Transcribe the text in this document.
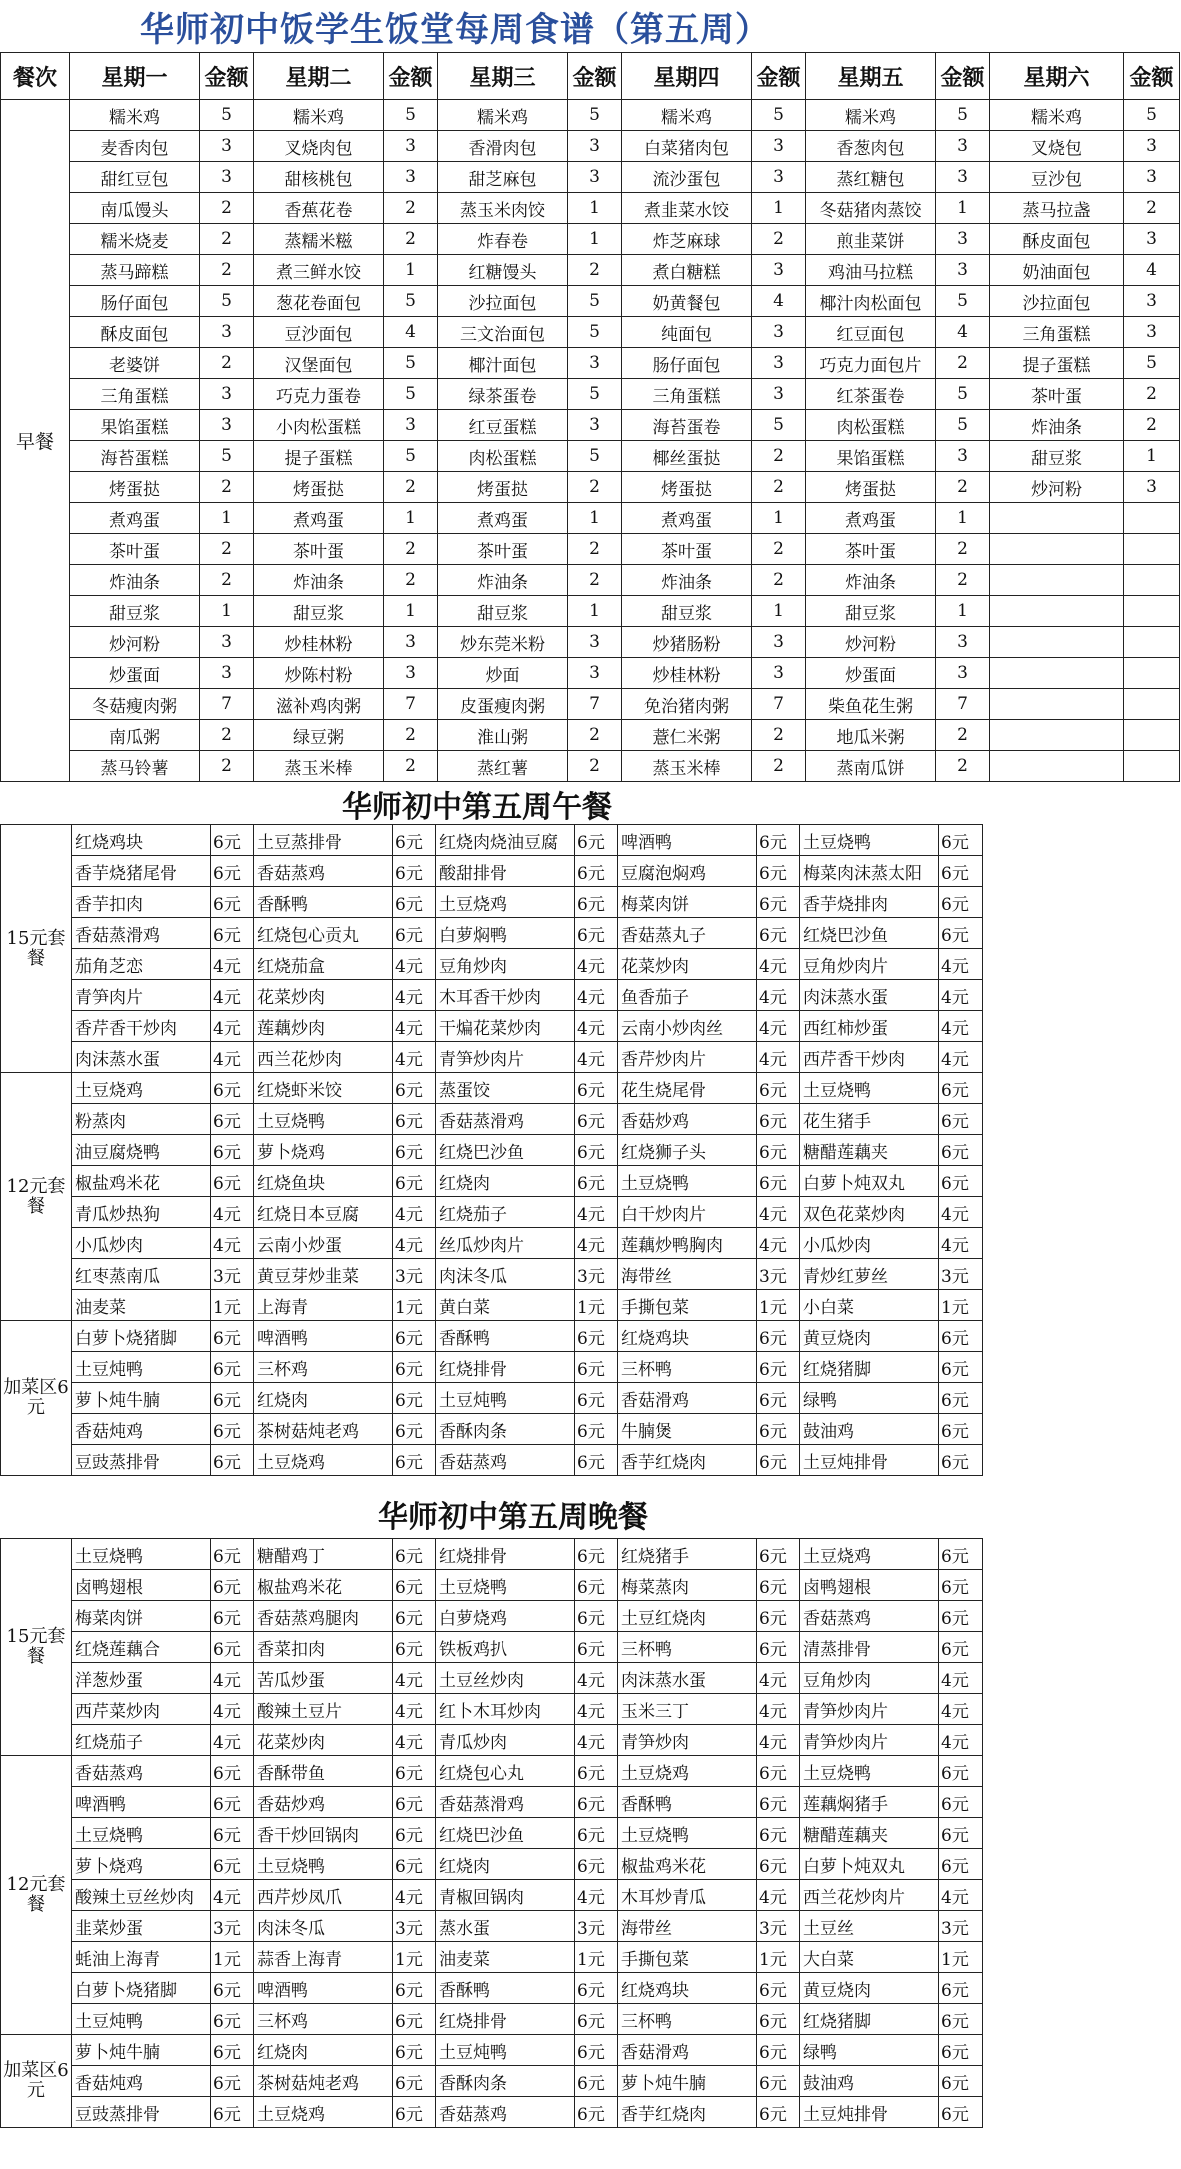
华师初中饭学生饭堂每周食谱（第五周）
餐次	星期一	金额	星期二	金额	星期三	金额	星期四	金额	星期五	金额	星期六	金额
早餐	糯米鸡	5	糯米鸡	5	糯米鸡	5	糯米鸡	5	糯米鸡	5	糯米鸡	5
	麦香肉包	3	叉烧肉包	3	香滑肉包	3	白菜猪肉包	3	香葱肉包	3	叉烧包	3
	甜红豆包	3	甜核桃包	3	甜芝麻包	3	流沙蛋包	3	蒸红糖包	3	豆沙包	3
	南瓜馒头	2	香蕉花卷	2	蒸玉米肉饺	1	煮韭菜水饺	1	冬菇猪肉蒸饺	1	蒸马拉盏	2
	糯米烧麦	2	蒸糯米糍	2	炸春卷	1	炸芝麻球	2	煎韭菜饼	3	酥皮面包	3
	蒸马蹄糕	2	煮三鲜水饺	1	红糖馒头	2	煮白糖糕	3	鸡油马拉糕	3	奶油面包	4
	肠仔面包	5	葱花卷面包	5	沙拉面包	5	奶黄餐包	4	椰汁肉松面包	5	沙拉面包	3
	酥皮面包	3	豆沙面包	4	三文治面包	5	纯面包	3	红豆面包	4	三角蛋糕	3
	老婆饼	2	汉堡面包	5	椰汁面包	3	肠仔面包	3	巧克力面包片	2	提子蛋糕	5
	三角蛋糕	3	巧克力蛋卷	5	绿茶蛋卷	5	三角蛋糕	3	红茶蛋卷	5	茶叶蛋	2
	果馅蛋糕	3	小肉松蛋糕	3	红豆蛋糕	3	海苔蛋卷	5	肉松蛋糕	5	炸油条	2
	海苔蛋糕	5	提子蛋糕	5	肉松蛋糕	5	椰丝蛋挞	2	果馅蛋糕	3	甜豆浆	1
	烤蛋挞	2	烤蛋挞	2	烤蛋挞	2	烤蛋挞	2	烤蛋挞	2	炒河粉	3
	煮鸡蛋	1	煮鸡蛋	1	煮鸡蛋	1	煮鸡蛋	1	煮鸡蛋	1		
	茶叶蛋	2	茶叶蛋	2	茶叶蛋	2	茶叶蛋	2	茶叶蛋	2		
	炸油条	2	炸油条	2	炸油条	2	炸油条	2	炸油条	2		
	甜豆浆	1	甜豆浆	1	甜豆浆	1	甜豆浆	1	甜豆浆	1		
	炒河粉	3	炒桂林粉	3	炒东莞米粉	3	炒猪肠粉	3	炒河粉	3		
	炒蛋面	3	炒陈村粉	3	炒面	3	炒桂林粉	3	炒蛋面	3		
	冬菇瘦肉粥	7	滋补鸡肉粥	7	皮蛋瘦肉粥	7	免治猪肉粥	7	柴鱼花生粥	7		
	南瓜粥	2	绿豆粥	2	淮山粥	2	薏仁米粥	2	地瓜米粥	2		
	蒸马铃薯	2	蒸玉米棒	2	蒸红薯	2	蒸玉米棒	2	蒸南瓜饼	2		
华师初中第五周午餐
15元套餐	红烧鸡块	6元	土豆蒸排骨	6元	红烧肉烧油豆腐	6元	啤酒鸭	6元	土豆烧鸭	6元
	香芋烧猪尾骨	6元	香菇蒸鸡	6元	酸甜排骨	6元	豆腐泡焖鸡	6元	梅菜肉沫蒸太阳	6元
	香芋扣肉	6元	香酥鸭	6元	土豆烧鸡	6元	梅菜肉饼	6元	香芋烧排肉	6元
	香菇蒸滑鸡	6元	红烧包心贡丸	6元	白萝焖鸭	6元	香菇蒸丸子	6元	红烧巴沙鱼	6元
	茄角芝恋	4元	红烧茄盒	4元	豆角炒肉	4元	花菜炒肉	4元	豆角炒肉片	4元
	青笋肉片	4元	花菜炒肉	4元	木耳香干炒肉	4元	鱼香茄子	4元	肉沫蒸水蛋	4元
	香芹香干炒肉	4元	莲藕炒肉	4元	干煸花菜炒肉	4元	云南小炒肉丝	4元	西红柿炒蛋	4元
	肉沫蒸水蛋	4元	西兰花炒肉	4元	青笋炒肉片	4元	香芹炒肉片	4元	西芹香干炒肉	4元
12元套餐	土豆烧鸡	6元	红烧虾米饺	6元	蒸蛋饺	6元	花生烧尾骨	6元	土豆烧鸭	6元
	粉蒸肉	6元	土豆烧鸭	6元	香菇蒸滑鸡	6元	香菇炒鸡	6元	花生猪手	6元
	油豆腐烧鸭	6元	萝卜烧鸡	6元	红烧巴沙鱼	6元	红烧狮子头	6元	糖醋莲藕夹	6元
	椒盐鸡米花	6元	红烧鱼块	6元	红烧肉	6元	土豆烧鸭	6元	白萝卜炖双丸	6元
	青瓜炒热狗	4元	红烧日本豆腐	4元	红烧茄子	4元	白干炒肉片	4元	双色花菜炒肉	4元
	小瓜炒肉	4元	云南小炒蛋	4元	丝瓜炒肉片	4元	莲藕炒鸭胸肉	4元	小瓜炒肉	4元
	红枣蒸南瓜	3元	黄豆芽炒韭菜	3元	肉沫冬瓜	3元	海带丝	3元	青炒红萝丝	3元
	油麦菜	1元	上海青	1元	黄白菜	1元	手撕包菜	1元	小白菜	1元
加菜区6元	白萝卜烧猪脚	6元	啤酒鸭	6元	香酥鸭	6元	红烧鸡块	6元	黄豆烧肉	6元
	土豆炖鸭	6元	三杯鸡	6元	红烧排骨	6元	三杯鸭	6元	红烧猪脚	6元
	萝卜炖牛腩	6元	红烧肉	6元	土豆炖鸭	6元	香菇滑鸡	6元	绿鸭	6元
	香菇炖鸡	6元	茶树菇炖老鸡	6元	香酥肉条	6元	牛腩煲	6元	鼓油鸡	6元
	豆豉蒸排骨	6元	土豆烧鸡	6元	香菇蒸鸡	6元	香芋红烧肉	6元	土豆炖排骨	6元
华师初中第五周晚餐
15元套餐	土豆烧鸭	6元	糖醋鸡丁	6元	红烧排骨	6元	红烧猪手	6元	土豆烧鸡	6元
	卤鸭翅根	6元	椒盐鸡米花	6元	土豆烧鸭	6元	梅菜蒸肉	6元	卤鸭翅根	6元
	梅菜肉饼	6元	香菇蒸鸡腿肉	6元	白萝烧鸡	6元	土豆红烧肉	6元	香菇蒸鸡	6元
	红烧莲藕合	6元	香菜扣肉	6元	铁板鸡扒	6元	三杯鸭	6元	清蒸排骨	6元
	洋葱炒蛋	4元	苦瓜炒蛋	4元	土豆丝炒肉	4元	肉沫蒸水蛋	4元	豆角炒肉	4元
	西芹菜炒肉	4元	酸辣土豆片	4元	红卜木耳炒肉	4元	玉米三丁	4元	青笋炒肉片	4元
	红烧茄子	4元	花菜炒肉	4元	青瓜炒肉	4元	青笋炒肉	4元	青笋炒肉片	4元
12元套餐	香菇蒸鸡	6元	香酥带鱼	6元	红烧包心丸	6元	土豆烧鸡	6元	土豆烧鸭	6元
	啤酒鸭	6元	香菇炒鸡	6元	香菇蒸滑鸡	6元	香酥鸭	6元	莲藕焖猪手	6元
	土豆烧鸭	6元	香干炒回锅肉	6元	红烧巴沙鱼	6元	土豆烧鸭	6元	糖醋莲藕夹	6元
	萝卜烧鸡	6元	土豆烧鸭	6元	红烧肉	6元	椒盐鸡米花	6元	白萝卜炖双丸	6元
	酸辣土豆丝炒肉	4元	西芹炒凤爪	4元	青椒回锅肉	4元	木耳炒青瓜	4元	西兰花炒肉片	4元
	韭菜炒蛋	3元	肉沫冬瓜	3元	蒸水蛋	3元	海带丝	3元	土豆丝	3元
	蚝油上海青	1元	蒜香上海青	1元	油麦菜	1元	手撕包菜	1元	大白菜	1元
	白萝卜烧猪脚	6元	啤酒鸭	6元	香酥鸭	6元	红烧鸡块	6元	黄豆烧肉	6元
	土豆炖鸭	6元	三杯鸡	6元	红烧排骨	6元	三杯鸭	6元	红烧猪脚	6元
加菜区6元	萝卜炖牛腩	6元	红烧肉	6元	土豆炖鸭	6元	香菇滑鸡	6元	绿鸭	6元
	香菇炖鸡	6元	茶树菇炖老鸡	6元	香酥肉条	6元	萝卜炖牛腩	6元	鼓油鸡	6元
	豆豉蒸排骨	6元	土豆烧鸡	6元	香菇蒸鸡	6元	香芋红烧肉	6元	土豆炖排骨	6元
